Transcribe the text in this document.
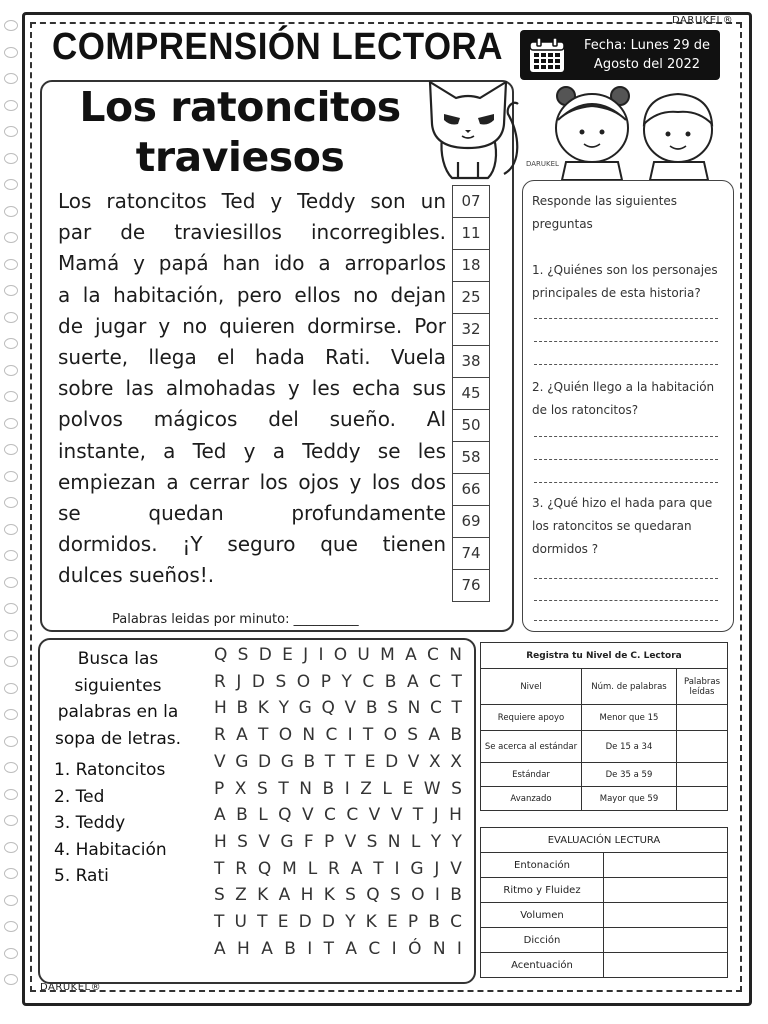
DARUKEL®
DARUKEL®
COMPRENSIÓN LECTORA	Fecha: Lunes 29 de
Agosto del 2022
Los ratoncitos
traviesos
Los ratoncitos Ted y Teddy son un
par de traviesillos incorregibles.
Mamá y papá han ido a arroparlos
a la habitación, pero ellos no dejan
de jugar y no quieren dormirse. Por
suerte, llega el hada Rati. Vuela
sobre las almohadas y les echa sus
polvos mágicos del sueño. Al
instante, a Ted y a Teddy se les
empiezan a cerrar los ojos y los dos
se quedan profundamente
dormidos. ¡Y seguro que tienen
dulces sueños!.
07
11
18
25
32
38
45
50
58
66
69
74
76
Palabras leidas por minuto: __________
DARUKEL
Responde las siguientes
preguntas
1. ¿Quiénes son los personajes
principales de esta historia?
2. ¿Quién llego a la habitación
de los ratoncitos?
3. ¿Qué hizo el hada para que
los ratoncitos se quedaran
dormidos ?
Busca las
siguientes
palabras en la
sopa de letras.
1. Ratoncitos
2. Ted
3. Teddy
4. Habitación
5. Rati
Q S D E J I O U M A C N
R J D S O P Y C B A C T
H B K Y G Q V B S N C T
R A T O N C I T O S A B
V G D G B T T E D V X X
P X S T N B I Z L E W S
A B L Q V C C V V T J H
H S V G F P V S N L Y Y
T R Q M L R A T I G J V
S Z K A H K S Q S O I B
T U T E D D Y K E P B C
A H A B I T A C I Ó N I
Registra tu Nivel de C. Lectora		
Nivel	Núm. de palabras	Palabras leídas
Requiere apoyo	Menor que 15	
Se acerca al estándar	De 15 a 34	
Estándar	De 35 a 59	
Avanzado	Mayor que 59	
EVALUACIÓN LECTURA	
Entonación	
Ritmo y Fluidez	
Volumen	
Dicción	
Acentuación	
